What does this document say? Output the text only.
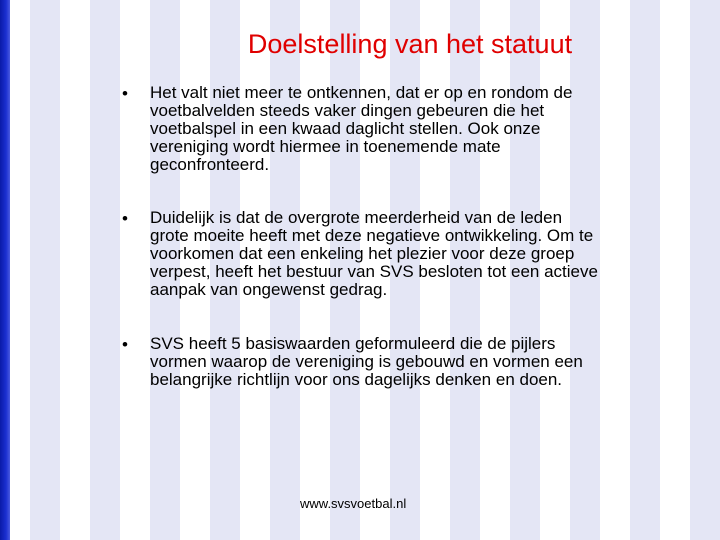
Doelstelling van het statuut
• Het valt niet meer te ontkennen, dat er op en rondom de
voetbalvelden steeds vaker dingen gebeuren die het
voetbalspel in een kwaad daglicht stellen. Ook onze
vereniging wordt hiermee in toenemende mate
geconfronteerd.
• Duidelijk is dat de overgrote meerderheid van de leden
grote moeite heeft met deze negatieve ontwikkeling. Om te
voorkomen dat een enkeling het plezier voor deze groep
verpest, heeft het bestuur van SVS besloten tot een actieve
aanpak van ongewenst gedrag.
• SVS heeft 5 basiswaarden geformuleerd die de pijlers
vormen waarop de vereniging is gebouwd en vormen een
belangrijke richtlijn voor ons dagelijks denken en doen.
www.svsvoetbal.nl
